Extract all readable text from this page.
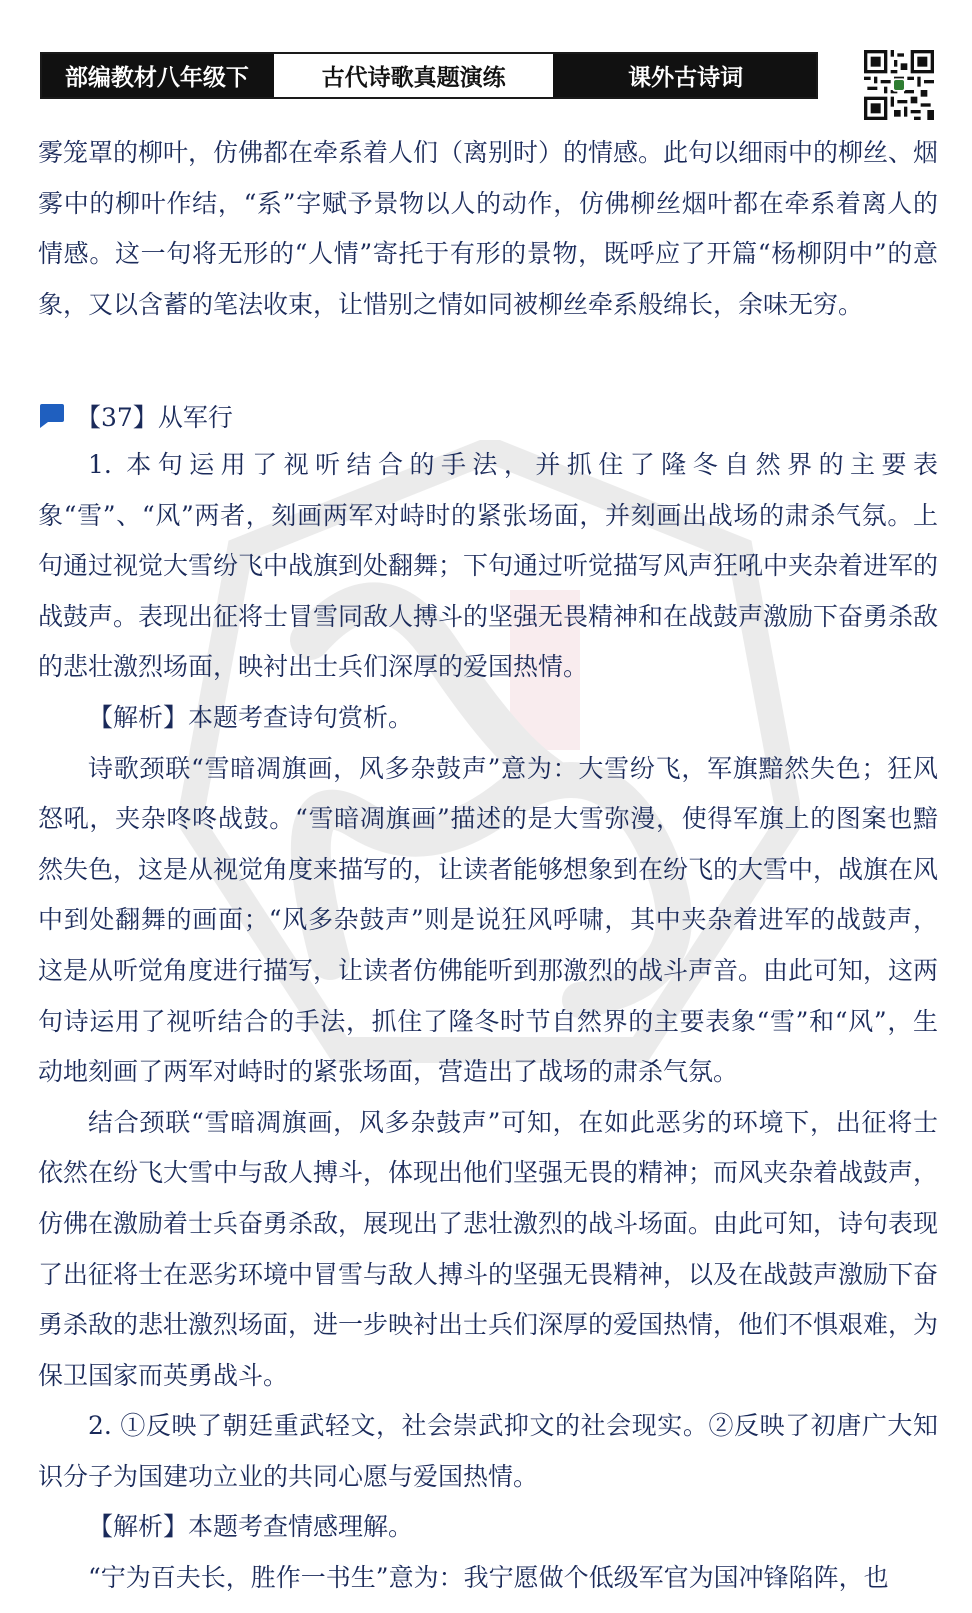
部编教材八年级下	古代诗歌真题演练	课外古诗词

雾笼罩的柳叶，仿佛都在牵系着人们（离别时）的情感。此句以细雨中的柳丝、烟雾中的柳叶作结，“系”字赋予景物以人的动作，仿佛柳丝烟叶都在牵系着离人的情感。这一句将无形的“人情”寄托于有形的景物，既呼应了开篇“杨柳阴中”的意象，又以含蓄的笔法收束，让惜别之情如同被柳丝牵系般绵长，余味无穷。

【37】 从军行

1. 本句运用了视听结合的手法，并抓住了隆冬自然界的主要表象“雪”、“风”两者，刻画两军对峙时的紧张场面，并刻画出战场的肃杀气氛。上句通过视觉大雪纷飞中战旗到处翻舞；下句通过听觉描写风声狂吼中夹杂着进军的战鼓声。表现出征将士冒雪同敌人搏斗的坚强无畏精神和在战鼓声激励下奋勇杀敌的悲壮激烈场面，映衬出士兵们深厚的爱国热情。

【解析】本题考查诗句赏析。

诗歌颈联“雪暗凋旗画，风多杂鼓声”意为：大雪纷飞，军旗黯然失色；狂风怒吼，夹杂咚咚战鼓。“雪暗凋旗画”描述的是大雪弥漫，使得军旗上的图案也黯然失色，这是从视觉角度来描写的，让读者能够想象到在纷飞的大雪中，战旗在风中到处翻舞的画面；“风多杂鼓声”则是说狂风呼啸，其中夹杂着进军的战鼓声，这是从听觉角度进行描写，让读者仿佛能听到那激烈的战斗声音。由此可知，这两句诗运用了视听结合的手法，抓住了隆冬时节自然界的主要表象“雪”和“风”，生动地刻画了两军对峙时的紧张场面，营造出了战场的肃杀气氛。

结合颈联“雪暗凋旗画，风多杂鼓声”可知，在如此恶劣的环境下，出征将士依然在纷飞大雪中与敌人搏斗，体现出他们坚强无畏的精神；而风夹杂着战鼓声，仿佛在激励着士兵奋勇杀敌，展现出了悲壮激烈的战斗场面。由此可知，诗句表现了出征将士在恶劣环境中冒雪与敌人搏斗的坚强无畏精神，以及在战鼓声激励下奋勇杀敌的悲壮激烈场面，进一步映衬出士兵们深厚的爱国热情，他们不惧艰难，为保卫国家而英勇战斗。

2. ①反映了朝廷重武轻文，社会崇武抑文的社会现实。②反映了初唐广大知识分子为国建功立业的共同心愿与爱国热情。

【解析】本题考查情感理解。

“宁为百夫长，胜作一书生”意为：我宁愿做个低级军官为国冲锋陷阵，也
